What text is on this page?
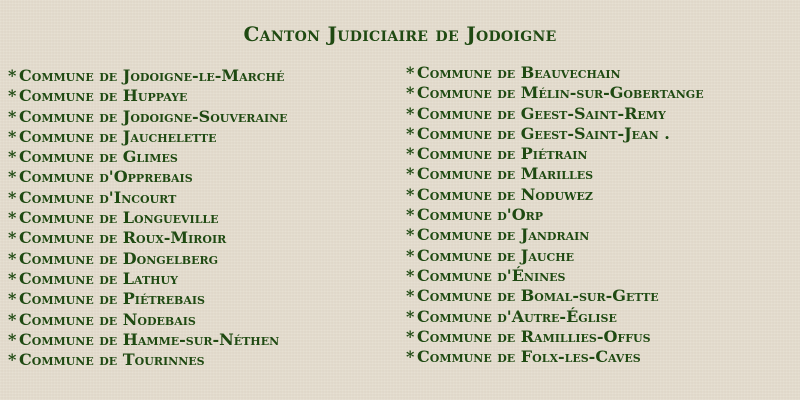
Canton Judiciaire de Jodoigne
* Commune de Jodoigne-le-Marché
* Commune de Huppaye
* Commune de Jodoigne-Souveraine
* Commune de Jauchelette
* Commune de Glimes
* Commune d'Opprebais
* Commune d'Incourt
* Commune de Longueville
* Commune de Roux-Miroir
* Commune de Dongelberg
* Commune de Lathuy
* Commune de Piétrebais
* Commune de Nodebais
* Commune de Hamme-sur-Néthen
* Commune de Tourinnes
* Commune de Beauvechain
* Commune de Mélin-sur-Gobertange
* Commune de Geest-Saint-Remy
* Commune de Geest-Saint-Jean .
* Commune de Piétrain
* Commune de Marilles
* Commune de Noduwez
* Commune d'Orp
* Commune de Jandrain
* Commune de Jauche
* Commune d'Énines
* Commune de Bomal-sur-Gette
* Commune d'Autre-Église
* Commune de Ramillies-Offus
* Commune de Folx-les-Caves
